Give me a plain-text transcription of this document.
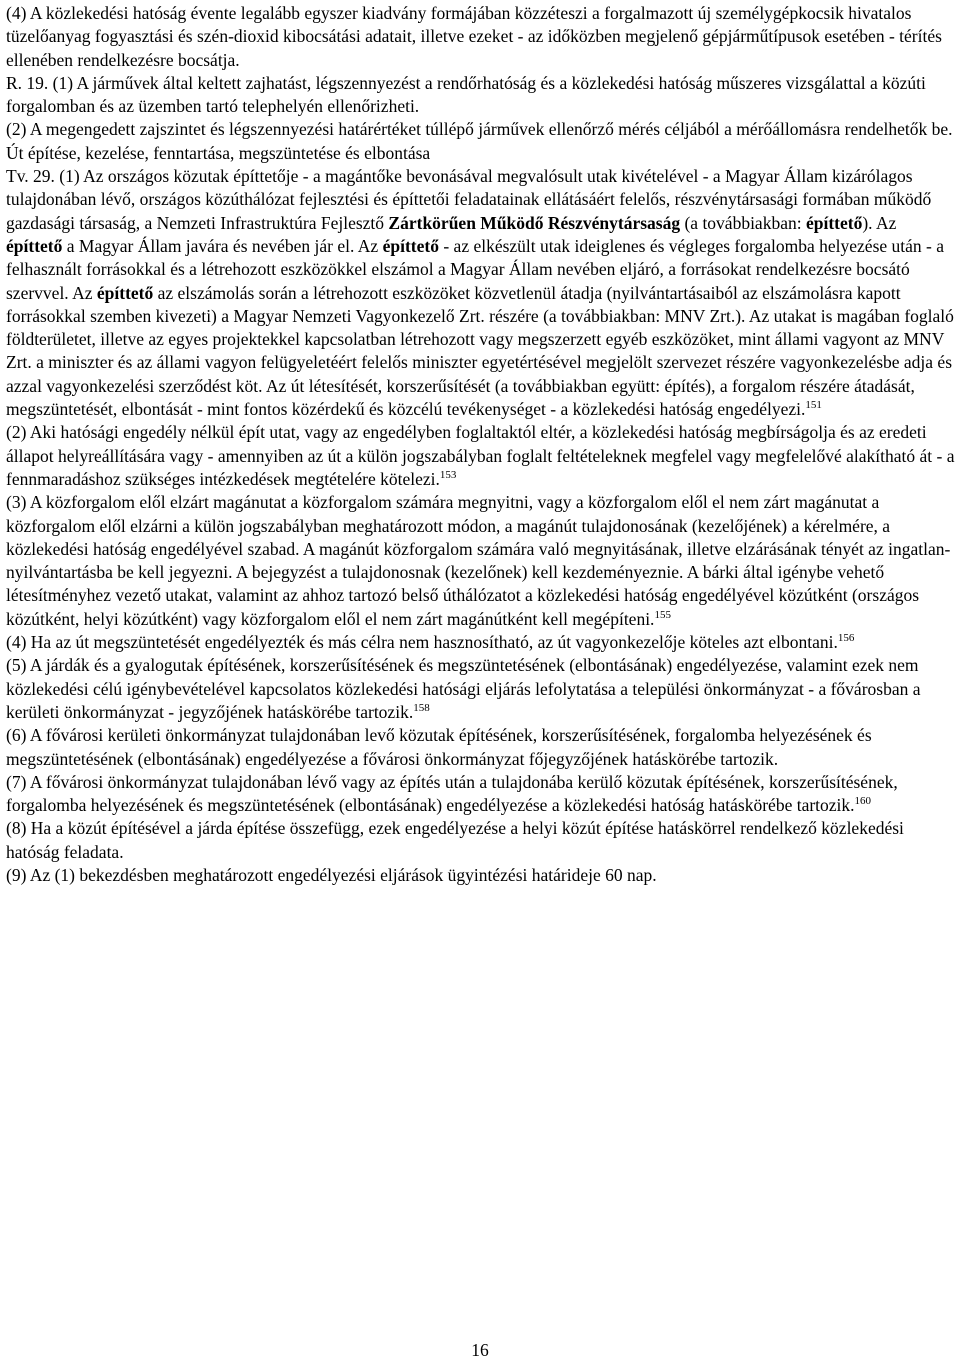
(4) A közlekedési hatóság évente legalább egyszer kiadvány formájában közzéteszi a forgalmazott új személygépkocsik hivatalos tüzelőanyag fogyasztási és szén-dioxid kibocsátási adatait, illetve ezeket - az időközben megjelenő gépjárműtípusok esetében - térítés ellenében rendelkezésre bocsátja.

R. 19. (1) A járművek által keltett zajhatást, légszennyezést a rendőrhatóság és a közlekedési hatóság műszeres vizsgálattal a közúti forgalomban és az üzemben tartó telephelyén ellenőrizheti.

(2) A megengedett zajszintet és légszennyezési határértéket túllépő járművek ellenőrző mérés céljából a mérőállomásra rendelhetők be.

Út építése, kezelése, fenntartása, megszüntetése és elbontása

Tv. 29. (1) Az országos közutak építtetője - a magántőke bevonásával megvalósult utak kivételével - a Magyar Állam kizárólagos tulajdonában lévő, országos közúthálózat fejlesztési és építtetői feladatainak ellátásáért felelős, részvénytársasági formában működő gazdasági társaság, a Nemzeti Infrastruktúra Fejlesztő Zártkörűen Működő Részvénytársaság (a továbbiakban: építtető). Az építtető a Magyar Állam javára és nevében jár el. Az építtető - az elkészült utak ideiglenes és végleges forgalomba helyezése után - a felhasznált forrásokkal és a létrehozott eszközökkel elszámol a Magyar Állam nevében eljáró, a forrásokat rendelkezésre bocsátó szervvel. Az építtető az elszámolás során a létrehozott eszközöket közvetlenül átadja (nyilvántartásaiból az elszámolásra kapott forrásokkal szemben kivezeti) a Magyar Nemzeti Vagyonkezelő Zrt. részére (a továbbiakban: MNV Zrt.). Az utakat is magában foglaló földterületet, illetve az egyes projektekkel kapcsolatban létrehozott vagy megszerzett egyéb eszközöket, mint állami vagyont az MNV Zrt. a miniszter és az állami vagyon felügyeletéért felelős miniszter egyetértésével megjelölt szervezet részére vagyonkezelésbe adja és azzal vagyonkezelési szerződést köt. Az út létesítését, korszerűsítését (a továbbiakban együtt: építés), a forgalom részére átadását, megszüntetését, elbontását - mint fontos közérdekű és közcélú tevékenységet - a közlekedési hatóság engedélyezi.$^{151}$

(2) Aki hatósági engedély nélkül épít utat, vagy az engedélyben foglaltaktól eltér, a közlekedési hatóság megbírságolja és az eredeti állapot helyreállítására vagy - amennyiben az út a külön jogszabályban foglalt feltételeknek megfelel vagy megfelelővé alakítható át - a fennmaradáshoz szükséges intézkedések megtételére kötelezi.$^{153}$

(3) A közforgalom elől elzárt magánutat a közforgalom számára megnyitni, vagy a közforgalom elől el nem zárt magánutat a közforgalom elől elzárni a külön jogszabályban meghatározott módon, a magánút tulajdonosának (kezelőjének) a kérelmére, a közlekedési hatóság engedélyével szabad. A magánút közforgalom számára való megnyitásának, illetve elzárásának tényét az ingatlan-nyilvántartásba be kell jegyezni. A bejegyzést a tulajdonosnak (kezelőnek) kell kezdeményeznie. A bárki által igénybe vehető létesítményhez vezető utakat, valamint az ahhoz tartozó belső úthálózatot a közlekedési hatóság engedélyével közútként (országos közútként, helyi közútként) vagy közforgalom elől el nem zárt magánútként kell megépíteni.$^{155}$

(4) Ha az út megszüntetését engedélyezték és más célra nem hasznosítható, az út vagyonkezelője köteles azt elbontani.$^{156}$

(5) A járdák és a gyalogutak építésének, korszerűsítésének és megszüntetésének (elbontásának) engedélyezése, valamint ezek nem közlekedési célú igénybevételével kapcsolatos közlekedési hatósági eljárás lefolytatása a települési önkormányzat - a fővárosban a kerületi önkormányzat - jegyzőjének hatáskörébe tartozik.$^{158}$

(6) A fővárosi kerületi önkormányzat tulajdonában levő közutak építésének, korszerűsítésének, forgalomba helyezésének és megszüntetésének (elbontásának) engedélyezése a fővárosi önkormányzat főjegyzőjének hatáskörébe tartozik.

(7) A fővárosi önkormányzat tulajdonában lévő vagy az építés után a tulajdonába kerülő közutak építésének, korszerűsítésének, forgalomba helyezésének és megszüntetésének (elbontásának) engedélyezése a közlekedési hatóság hatáskörébe tartozik.$^{160}$

(8) Ha a közút építésével a járda építése összefügg, ezek engedélyezése a helyi közút építése hatáskörrel rendelkező közlekedési hatóság feladata.

(9) Az (1) bekezdésben meghatározott engedélyezési eljárások ügyintézési határideje 60 nap.

16
